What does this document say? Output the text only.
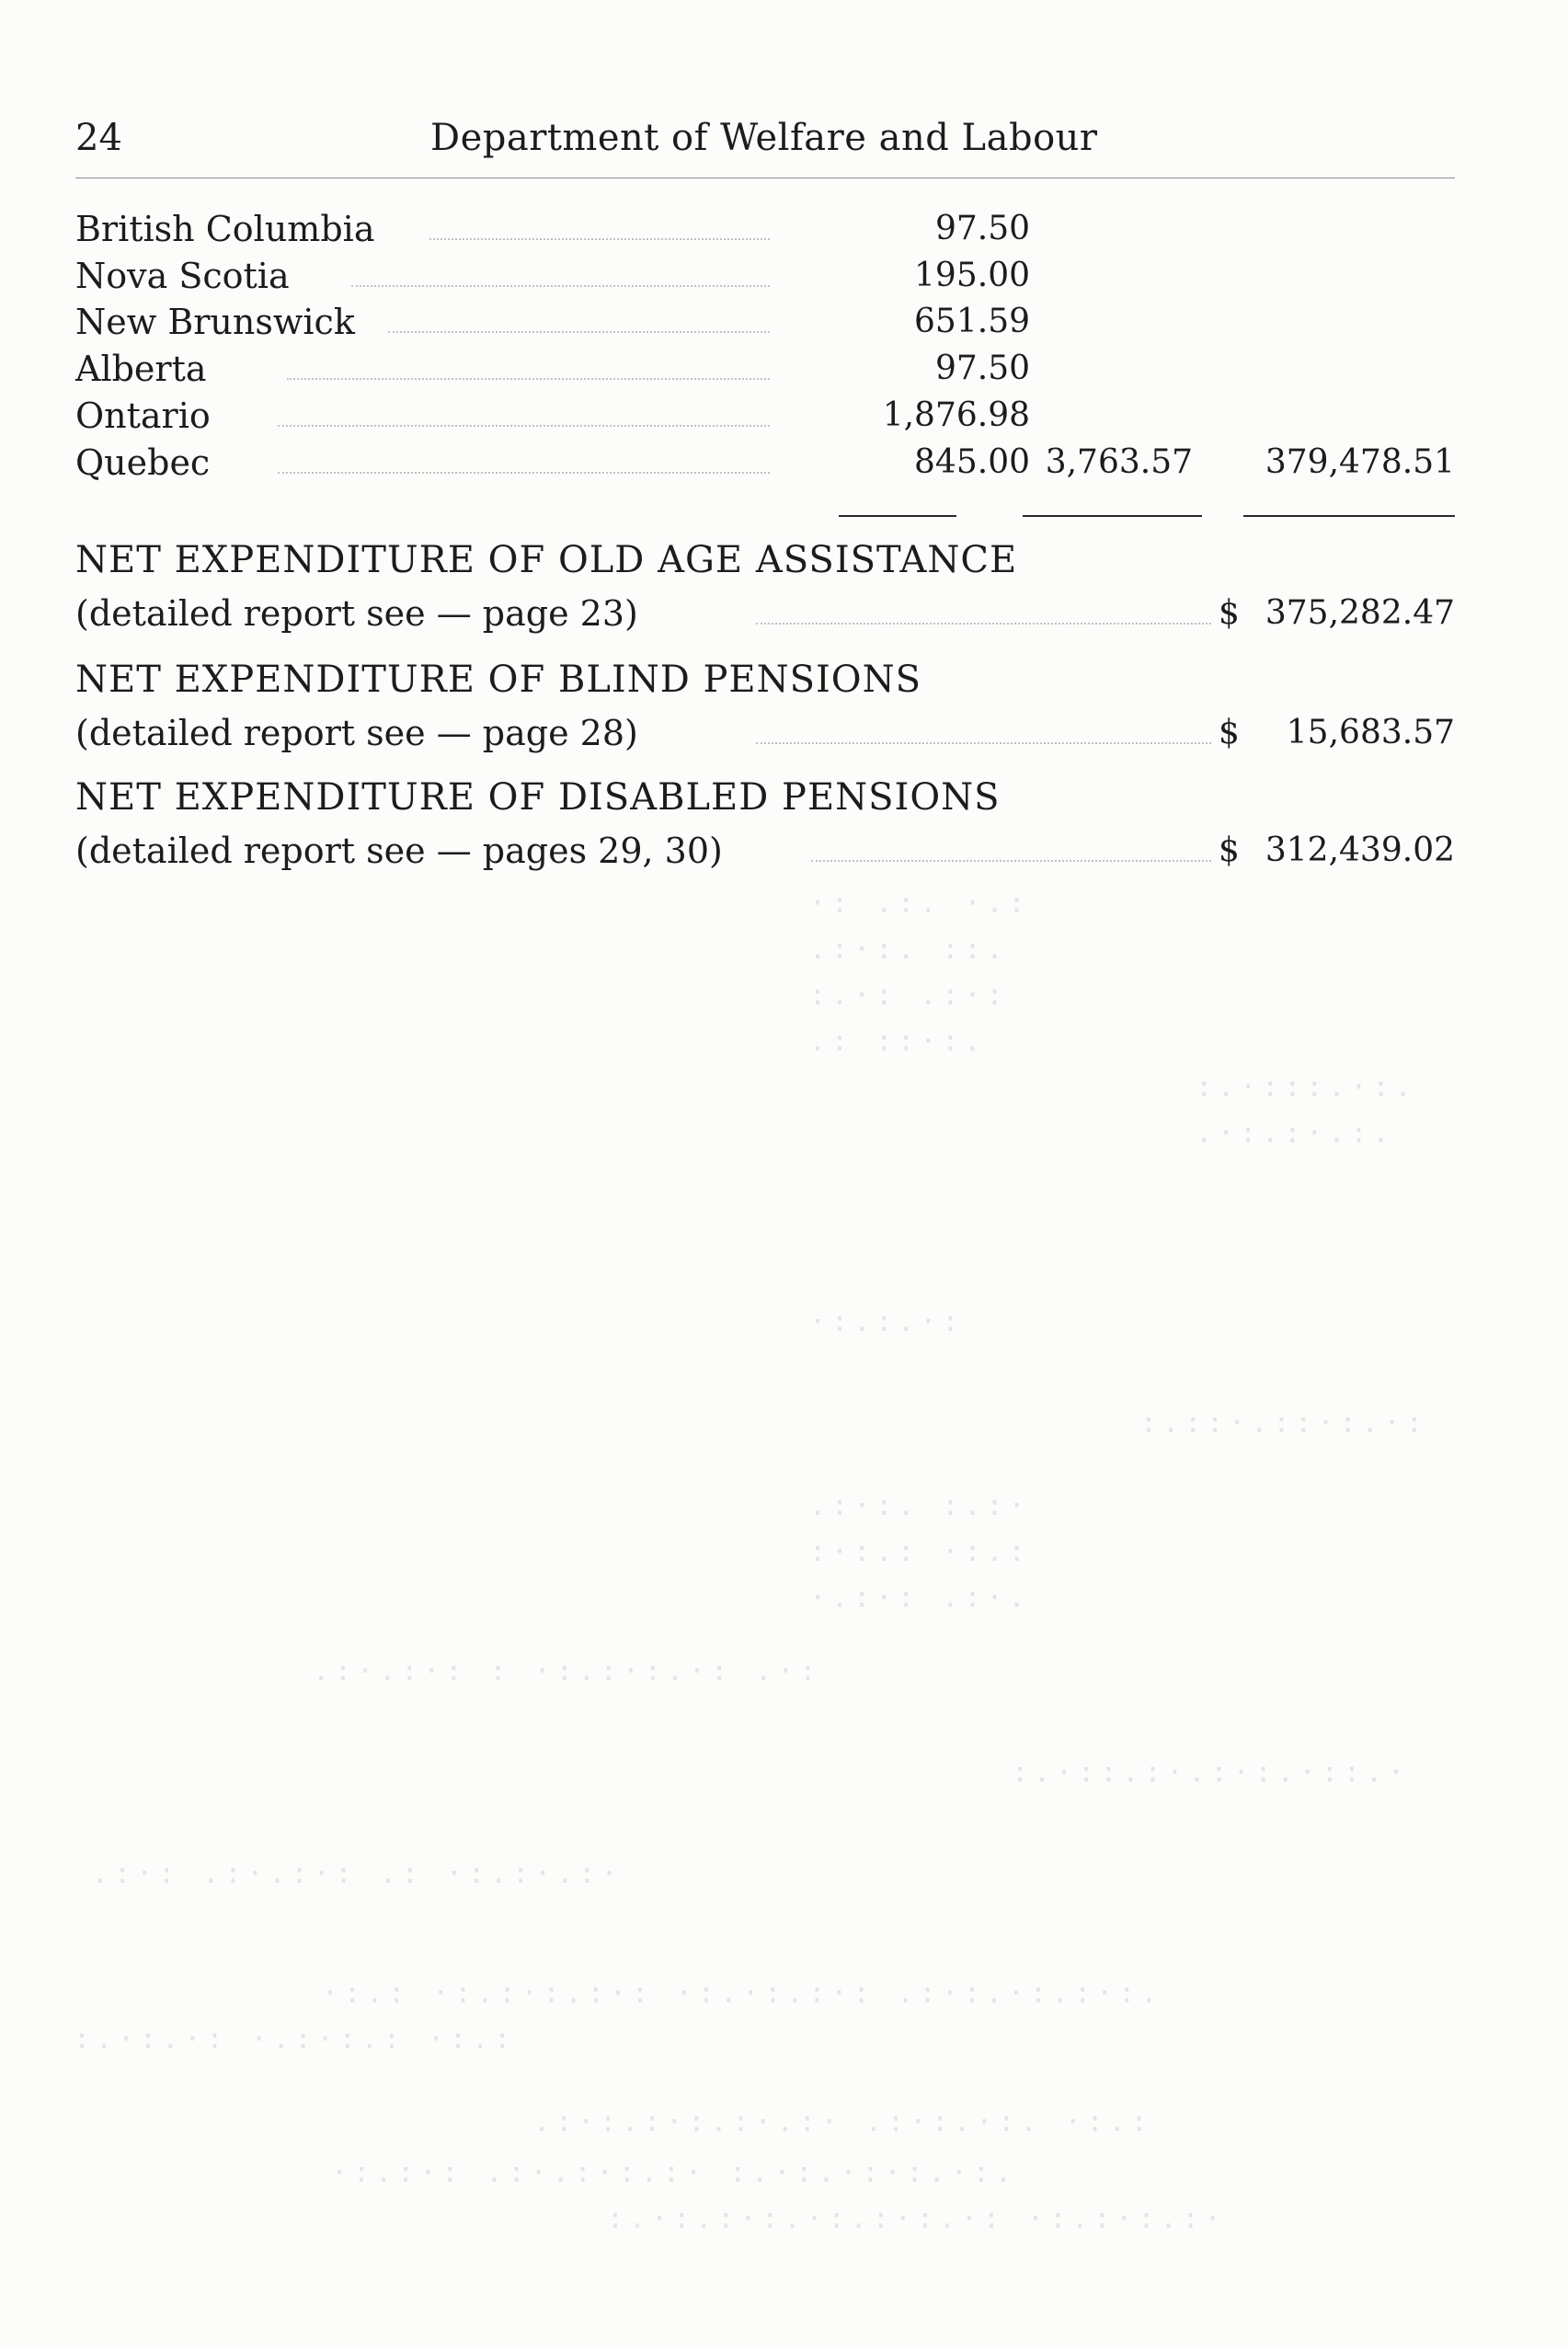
24	Department of Welfare and Labour
British Columbia	97.50
Nova Scotia	195.00
New Brunswick	651.59
Alberta	97.50
Ontario	1,876.98
Quebec	845.00 3,763.57	379,478.51
NET EXPENDITURE OF OLD AGE ASSISTANCE
(detailed report see — page 23)	$ 375,282.47
NET EXPENDITURE OF BLIND PENSIONS
(detailed report see — page 28)	$ 15,683.57
NET EXPENDITURE OF DISABLED PENSIONS
(detailed report see — pages 29, 30)	$ 312,439.02
·: .:. ·.:
.:·:. ::.
:.·: .:·:
.: ::·:.
:.·:::.·:.
.·:.:·.:.
·:.:.·:
:.::·.::·:.·:
.:·:. :.:·
:·:.: ·:.:
·.:·: .:·.
.:·.:·: : ·:.:·:.·: .·:
:.·::.:·.:·:.·::.·
.:·: .:·.:·: .: ·:.:·.:·
·:.: ·:.:·:.:·: ·:.·:.:·: .:·:.·:.:·:.
:.·:.·: ·.:·:.: ·:.:
.:·:.:·:.:·.:· .:·:.·:. ·:.:
·:.:·: .:·.:·:.:· :.·:.·:·:.·:.
:.·:.:·:.·:.:·:.·: ·:.:·:.:·
